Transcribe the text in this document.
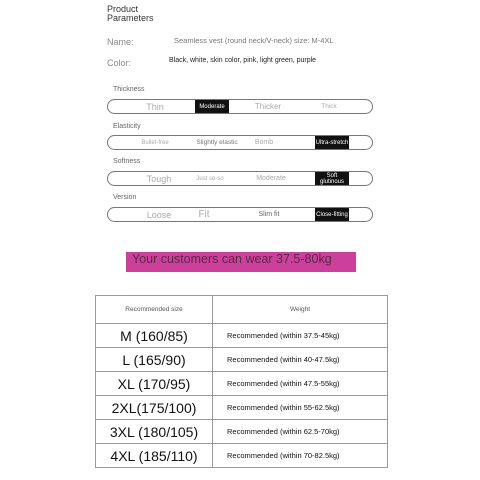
Product Parameters
Name:	Seamless vest (round neck/V-neck) size: M-4XL
Color:	Black, white, skin color, pink, light green, purple
Thickness
Thin	Moderate	Thicker	Thick
Elasticity
Bullet-free	Slightly elastic	Bomb	Ultra-stretch
Softness
Tough	Just so-so	Moderate	Soft glutinous
Version
Loose	Fit	Slim fit	Close-fitting
Your customers can wear 37.5-80kg
Recommended size	Weight
M (160/85)	Recommended (within 37.5-45kg)
L (165/90)	Recommended (within 40-47.5kg)
XL (170/95)	Recommended (within 47.5-55kg)
2XL(175/100)	Recommended (within 55-62.5kg)
3XL (180/105)	Recommended (within 62.5-70kg)
4XL (185/110)	Recommended (within 70-82.5kg)
